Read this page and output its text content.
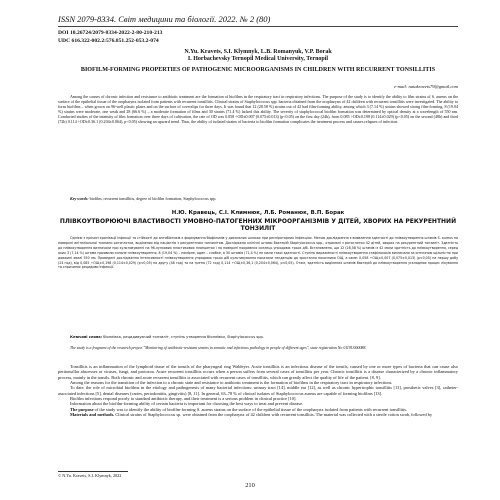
ISSN 2079-8334. Світ медицини та біології. 2022. № 2 (80)
DOI 10.26724/2079-8334-2022-2-80-210-213
UDC 616.322-002.2:576.851.252-053.2-074
N.Yu. Kravets, S.I. Klymnyk, L.B. Romanyuk, V.P. Borak
I. Horbachevsky Ternopil Medical University, Ternopil
BIOFILM-FORMING PROPERTIES OF PATHOGENIC MICROORGANISMS IN CHILDREN WITH RECURRENT TONSILLITIS
e-mail: natakravets79@gmail.com
Among the causes of chronic infection and resistance to antibiotic treatment are the formation of biofilms in the respiratory tract in respiratory infections. The purpose of the study is to identify the ability to film strains of S. aureus on the surface of the epithelial tissue of the oropharynx isolated from patients with recurrent tonsillitis. Clinical strains of Staphylococcus spp. bacteria obtained from the oropharynx of 42 children with recurrent tonsillitis were investigated. The ability to form biofilms – when grown on 96-well plastic plates and on the surface of coverslips for three days. It was found that 12 (28.58 %) strains out of 42 had film-forming ability, among which 3 (7.14 %) strains showed strong film-forming, 8 (19.04 %) strains were moderate, one weak and 28 (66.6 %) – a moderate formation of films and 30 strains (71.4 %) lacked this ability. The severity of staphylococcal biofilm formation was determined by optical density at a wavelength of 550 nm. Conducted studies of the intensity of film formation over three days of cultivation, the rate of OD was 0.058 ÷OD±0.007 (0.075±0.013) (p<0.05) on the first day (24h), from 0.085 ÷OD±0.198 (0.114±0.029) (p<0.05) on the second (48h) and third (72h) 0.114 ÷OD±0.36.1 (0.204±0.064), p<0.05) showing an upward trend. Thus, the ability of isolated strains of bacteria to biofilm formation complicates the treatment process and causes relapses of infection.
Key words: biofilm, recurrent tonsillitis, degree of biofilm formation, Staphylococcus spp.
Н.Ю. Кравець, С.І. Климнюк, Л.Б. Романюк, В.П. Борак
ПЛІВКОУТВОРЮЮЧІ ВЛАСТИВОСТІ УМОВНО-ПАТОГЕННИХ МІКРООРГАНІЗМІВ У ДІТЕЙ, ХВОРИХ НА РЕКУРЕНТНИЙ ТОНЗИЛІТ
Однією з причин хронізації інфекції та стійкості до антибіотиків є формування біофільмів у дихальних шляхах при респіраторних інфекціях. Метою дослідження є виявлення здатності до плівкоутворення штамів S. aureus на поверхні епітеліальної тканини ротоглотки, виділених від пацієнтів з рекурентним тонзилітом. Досліджено клінічні штами бактерій Staphylococcus spp., отримані з ротоглотки 42 дітей, хворих на рекурентний тонзиліт. Здатність до плівкоутворення визначали при культивуванні на 96-лункових пластикових планшетах і на поверхні покривних скелець упродовж трьох діб. Встановлено, що 12 (28,58 %) штамів із 42 мали здатність до плівкоутворення, серед яких 3 (7,14 %) штами проявили сильне плівкоутворення, 8 (19,04 %) – помірне, один – слабке, а 30 штамів (71,4 %) не мали такої здатності. Ступінь вираженості плівкоутворення стафілококів визначали за оптичною щільністю при довжині хвилі 550 нм. Проведені дослідження інтенсивності плівкоутворення упродовж трьох діб культивування показали тенденцію до зростання показника ОЩ, а саме: 0,058 ÷ОЩ±0,007 (0,075±0,013) (p<0,05) на першу добу (24 год), від 0,085 ÷ОЩ±0,198 (0,114±0,029) (p<0,05) на другу (48 год) та на третю (72 год) 0,114 ÷ОЩ±0,36,1 (0,204±0,064), p<0,05). Отже, здатність виділених штамів бактерій до плівкоутворення ускладнює процес лікування та спричиняє рецидиви інфекції.
Ключові слова: біоплівка, рецидивуючий тонзиліт, ступінь утворення біоплівки, Staphylococcus spp.
The study is a fragment of the research project "Monitoring of antibiotic-resistant strains in somatic and infectious pathology in people of different ages", state registration No 0119U000088.

Tonsillitis is an inflammation of the lymphoid tissue of the tonsils of the pharyngeal ring Waldeyer. Acute tonsillitis is an infectious disease of the tonsils, caused by one or more types of bacteria that can cause also peritonsillar abscesses or viruses, fungi, and protozoa. Acute recurrent tonsillitis occurs when a person suffers from several cases of tonsillitis per year. Chronic tonsillitis is a disease characterized by a chronic inflammatory process, mainly in the tonsils. Both chronic and acute recurrent tonsillitis is associated with recurrent cases of tonsillitis, which can greatly affect the quality of life of the patient. [8, 9].

Among the reasons for the transition of the infection to a chronic state and resistance to antibiotic treatment is the formation of biofilms in the respiratory tract in respiratory infections.

To date, the role of microbial biofilms in the etiology and pathogenesis of many bacterial infections: urinary tract [14], middle ear [12], as well as chronic hypertrophic tonsillitis [13], prosthetic valves [3], catheter-associated infections [5], dental diseases (caries, periodontitis, gingivitis) [8, 11]. In general, 63–78 % of clinical isolates of Staphylococcus aureus are capable of forming biofilms [13].

Biofilm infections respond poorly to standard antibiotic therapy, and their treatment is a serious problem in clinical practice [10].

Information about the biofilm-forming ability of certain bacteria is important for choosing the best ways to treat and prevent disease.

The purpose of the study was to identify the ability of biofilm-forming S. aureus strains on the surface of the epithelial tissue of the oropharynx isolated from patients with recurrent tonsillitis.

Materials and methods. Clinical strains of Staphylococcus sp. were obtained from the oropharynx of 42 children with recurrent tonsillitis. The material was collected with a sterile cotton swab, followed by

© N.Yu. Kravets, S.I. Klymnyk, 2022
210
